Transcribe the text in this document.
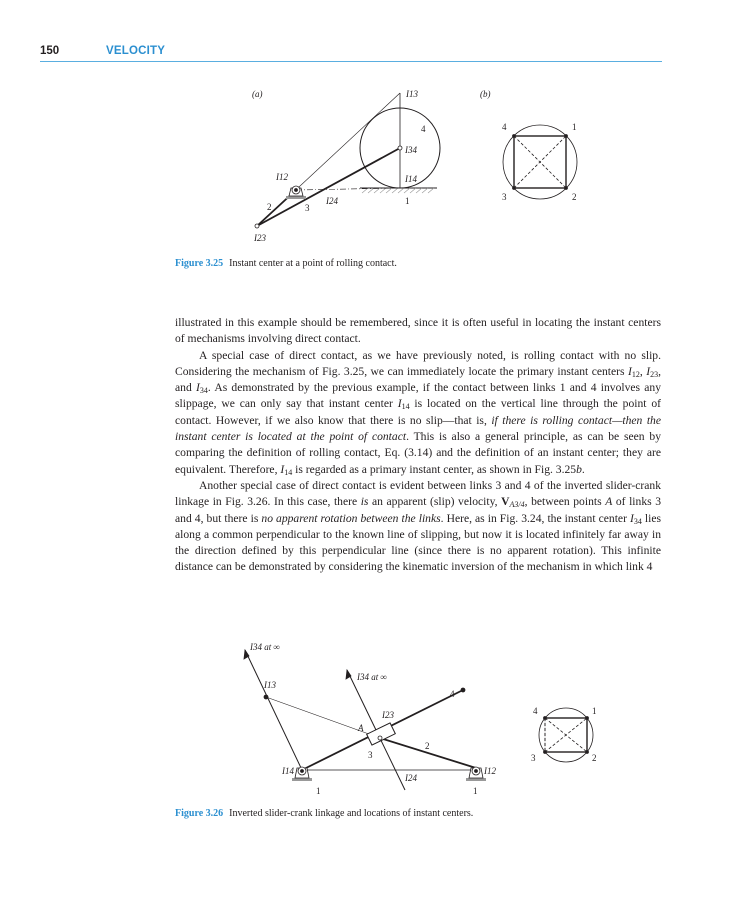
150	VELOCITY
(a)	(b)
I13
4
I34
I14
1
I12
I24
2	3
I23
4	1
3	2
Figure 3.25 Instant center at a point of rolling contact.

illustrated in this example should be remembered, since it is often useful in locating the instant centers of mechanisms involving direct contact.

A special case of direct contact, as we have previously noted, is rolling contact with no slip. Considering the mechanism of Fig. 3.25, we can immediately locate the primary instant centers $I_{12}$, $I_{23}$, and $I_{34}$. As demonstrated by the previous example, if the contact between links 1 and 4 involves any slippage, we can only say that instant center $I_{14}$ is located on the vertical line through the point of contact. However, if we also know that there is no slip—that is, if there is rolling contact—then the instant center is located at the point of contact. This is also a general principle, as can be seen by comparing the definition of rolling contact, Eq. (3.14) and the definition of an instant center; they are equivalent. Therefore, $I_{14}$ is regarded as a primary instant center, as shown in Fig. 3.25b.

Another special case of direct contact is evident between links 3 and 4 of the inverted slider-crank linkage in Fig. 3.26. In this case, there is an apparent (slip) velocity, $V_{A3/4}$, between points A of links 3 and 4, but there is no apparent rotation between the links. Here, as in Fig. 3.24, the instant center $I_{34}$ lies along a common perpendicular to the known line of slipping, but now it is located infinitely far away in the direction defined by this perpendicular line (since there is no apparent rotation). This infinite distance can be demonstrated by considering the kinematic inversion of the mechanism in which link 4

I34 at ∞
I34 at ∞
I13
I23
A
4
2
3
I14	I12
I24
1	1
4	1
3	2
Figure 3.26 Inverted slider-crank linkage and locations of instant centers.
